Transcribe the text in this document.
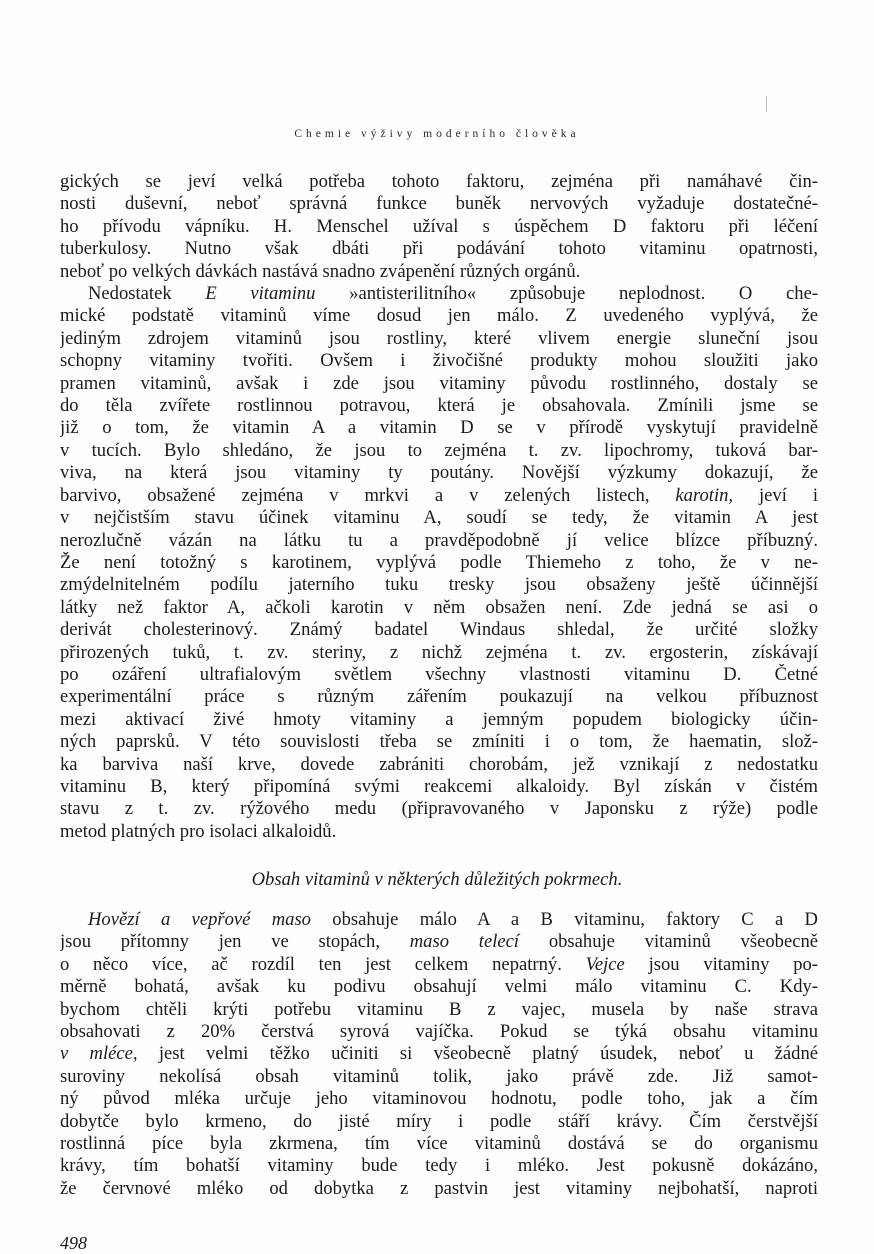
Chemie výživy moderního člověka
gických se jeví velká potřeba tohoto faktoru, zejména při namáhavé čin-
nosti duševní, neboť správná funkce buněk nervových vyžaduje dostatečné-
ho přívodu vápníku. H. Menschel užíval s úspěchem D faktoru při léčení
tuberkulosy. Nutno však dbáti při podávání tohoto vitaminu opatrnosti,
neboť po velkých dávkách nastává snadno zvápenění různých orgánů.
Nedostatek E vitaminu »antisterilitního« způsobuje neplodnost. O che-
mické podstatě vitaminů víme dosud jen málo. Z uvedeného vyplývá, že
jediným zdrojem vitaminů jsou rostliny, které vlivem energie sluneční jsou
schopny vitaminy tvořiti. Ovšem i živočišné produkty mohou sloužiti jako
pramen vitaminů, avšak i zde jsou vitaminy původu rostlinného, dostaly se
do těla zvířete rostlinnou potravou, která je obsahovala. Zmínili jsme se
již o tom, že vitamin A a vitamin D se v přírodě vyskytují pravidelně
v tucích. Bylo shledáno, že jsou to zejména t. zv. lipochromy, tuková bar-
viva, na která jsou vitaminy ty poutány. Novější výzkumy dokazují, že
barvivo, obsažené zejména v mrkvi a v zelených listech, karotin, jeví i
v nejčistším stavu účinek vitaminu A, soudí se tedy, že vitamin A jest
nerozlučně vázán na látku tu a pravděpodobně jí velice blízce příbuzný.
Že není totožný s karotinem, vyplývá podle Thiemeho z toho, že v ne-
zmýdelnitelném podílu jaterního tuku tresky jsou obsaženy ještě účinnější
látky než faktor A, ačkoli karotin v něm obsažen není. Zde jedná se asi o
derivát cholesterinový. Známý badatel Windaus shledal, že určité složky
přirozených tuků, t. zv. steriny, z nichž zejména t. zv. ergosterin, získávají
po ozáření ultrafialovým světlem všechny vlastnosti vitaminu D. Četné
experimentální práce s různým zářením poukazují na velkou příbuznost
mezi aktivací živé hmoty vitaminy a jemným popudem biologicky účin-
ných paprsků. V této souvislosti třeba se zmíniti i o tom, že haematin, slož-
ka barviva naší krve, dovede zabrániti chorobám, jež vznikají z nedostatku
vitaminu B, který připomíná svými reakcemi alkaloidy. Byl získán v čistém
stavu z t. zv. rýžového medu (připravovaného v Japonsku z rýže) podle
metod platných pro isolaci alkaloidů.
Obsah vitaminů v některých důležitých pokrmech.
Hovězí a vepřové maso obsahuje málo A a B vitaminu, faktory C a D
jsou přítomny jen ve stopách, maso telecí obsahuje vitaminů všeobecně
o něco více, ač rozdíl ten jest celkem nepatrný. Vejce jsou vitaminy po-
měrně bohatá, avšak ku podivu obsahují velmi málo vitaminu C. Kdy-
bychom chtěli krýti potřebu vitaminu B z vajec, musela by naše strava
obsahovati z 20% čerstvá syrová vajíčka. Pokud se týká obsahu vitaminu
v mléce, jest velmi těžko učiniti si všeobecně platný úsudek, neboť u žádné
suroviny nekolísá obsah vitaminů tolik, jako právě zde. Již samot-
ný původ mléka určuje jeho vitaminovou hodnotu, podle toho, jak a čím
dobytče bylo krmeno, do jisté míry i podle stáří krávy. Čím čerstvější
rostlinná píce byla zkrmena, tím více vitaminů dostává se do organismu
krávy, tím bohatší vitaminy bude tedy i mléko. Jest pokusně dokázáno,
že červnové mléko od dobytka z pastvin jest vitaminy nejbohatší, naproti
498
